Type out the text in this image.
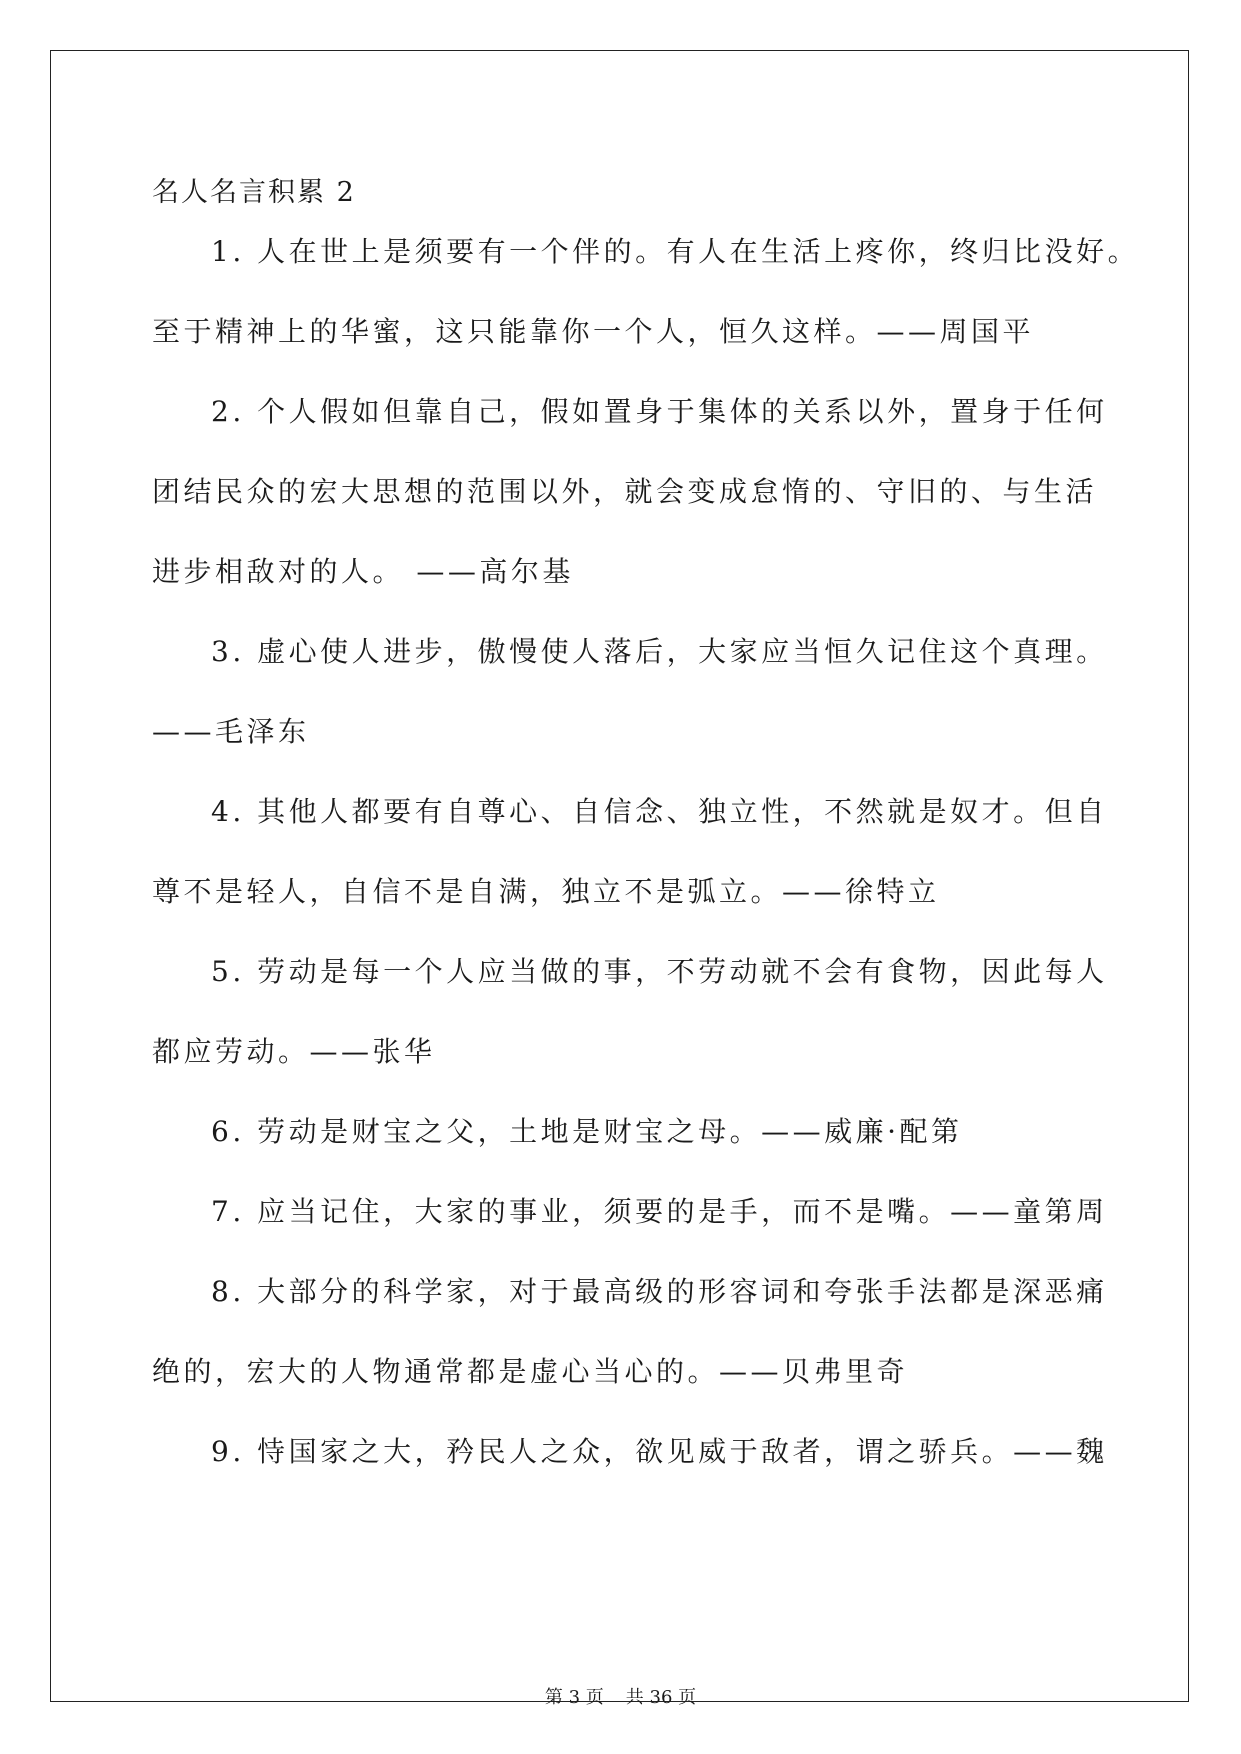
名人名言积累 2
1. 人在世上是须要有一个伴的。有人在生活上疼你，终归比没好。
至于精神上的华蜜，这只能靠你一个人，恒久这样。——周国平
2. 个人假如但靠自己，假如置身于集体的关系以外，置身于任何
团结民众的宏大思想的范围以外，就会变成怠惰的、守旧的、与生活
进步相敌对的人。 ——高尔基
3. 虚心使人进步，傲慢使人落后，大家应当恒久记住这个真理。
——毛泽东
4. 其他人都要有自尊心、自信念、独立性，不然就是奴才。但自
尊不是轻人，自信不是自满，独立不是弧立。——徐特立
5. 劳动是每一个人应当做的事，不劳动就不会有食物，因此每人
都应劳动。——张华
6. 劳动是财宝之父，土地是财宝之母。——威廉·配第
7. 应当记住，大家的事业，须要的是手，而不是嘴。——童第周
8. 大部分的科学家，对于最高级的形容词和夸张手法都是深恶痛
绝的，宏大的人物通常都是虚心当心的。——贝弗里奇
9. 恃国家之大，矜民人之众，欲见威于敌者，谓之骄兵。——魏
第 3 页 共 36 页
